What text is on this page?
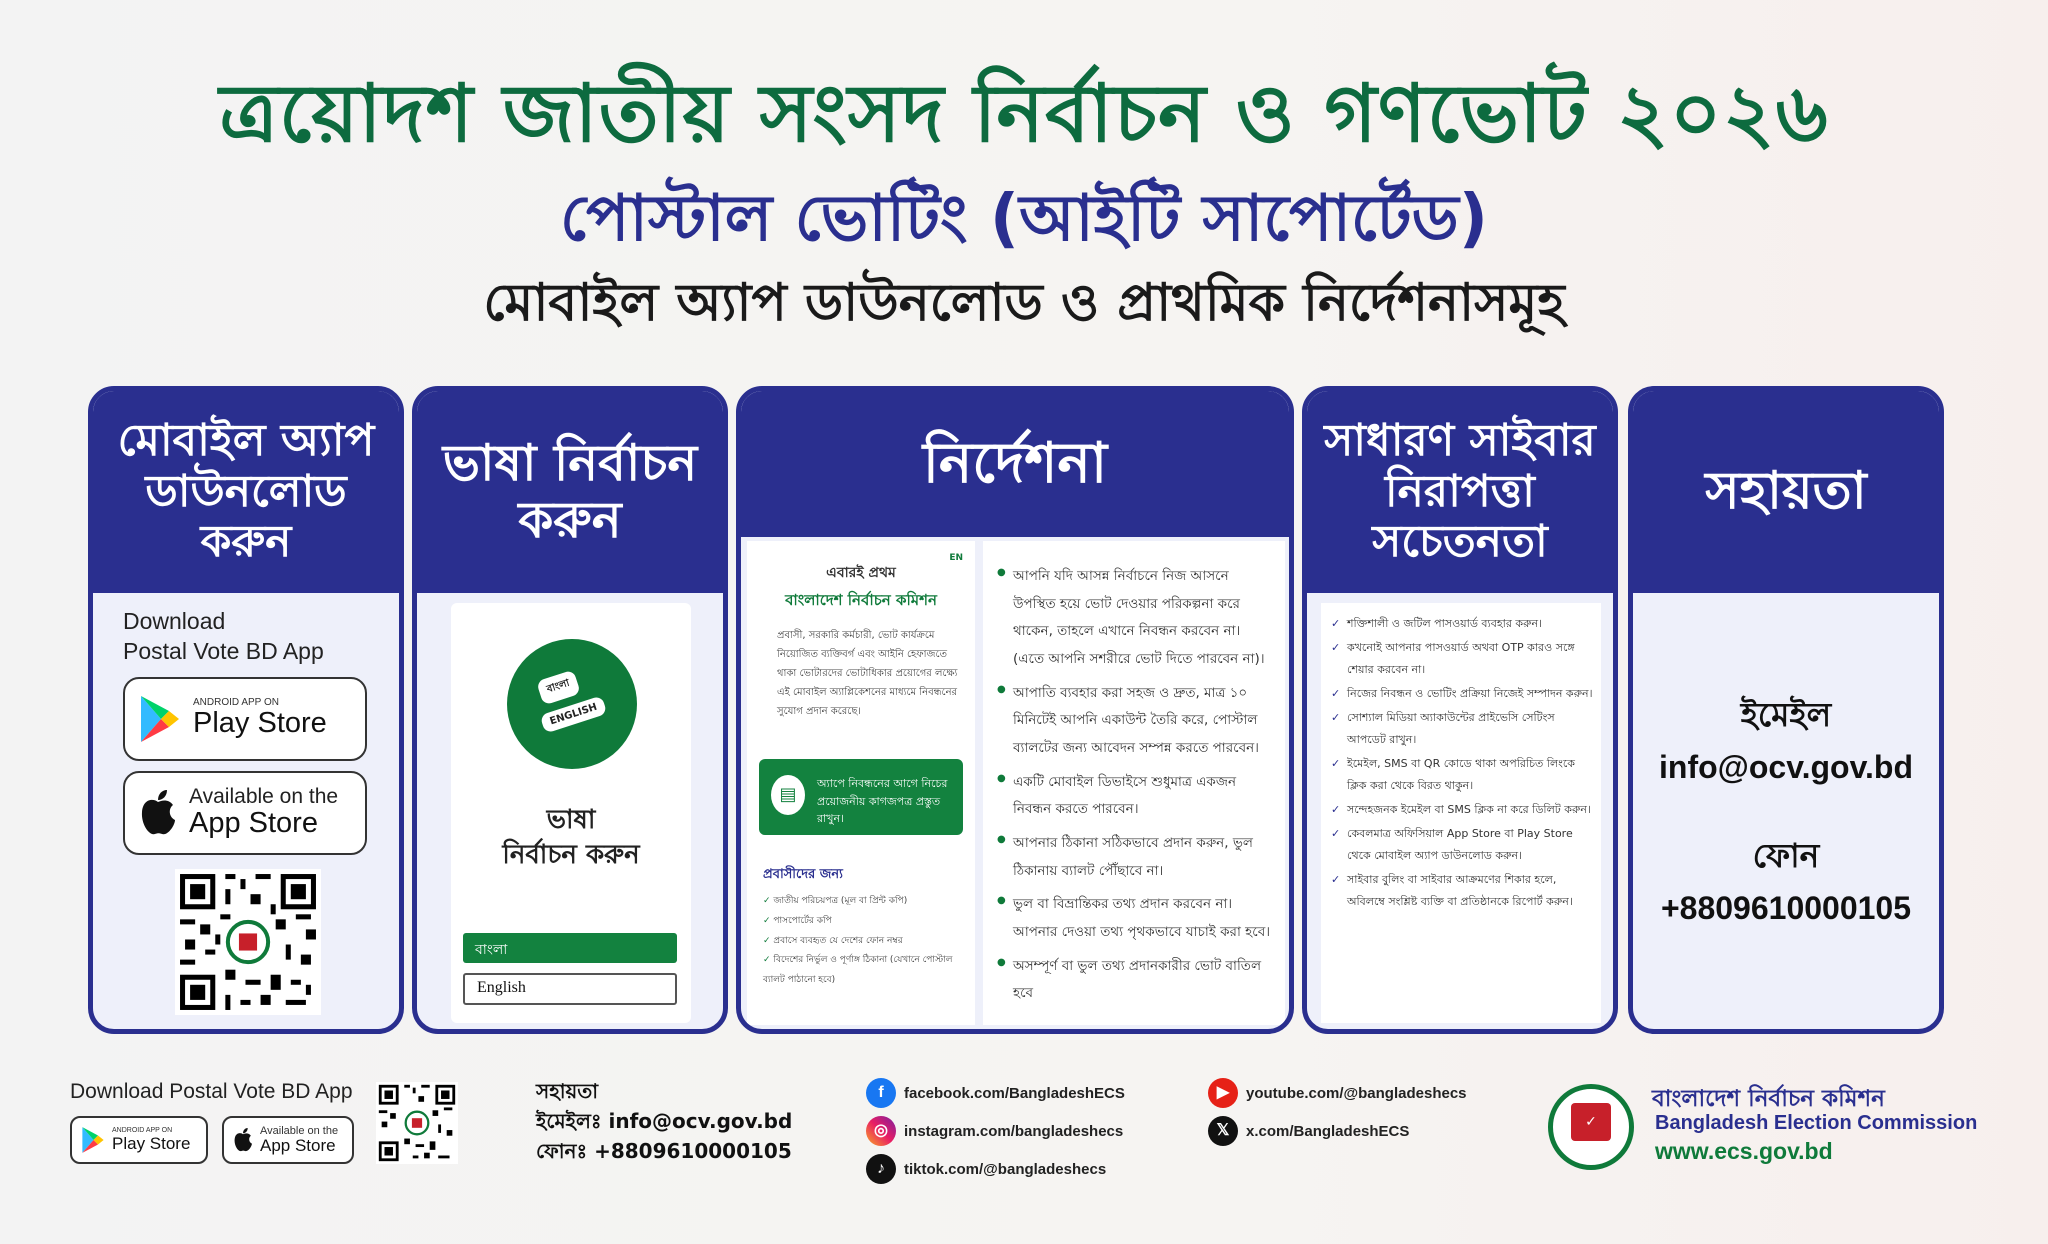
ত্রয়োদশ জাতীয় সংসদ নির্বাচন ও গণভোট ২০২৬
পোস্টাল ভোটিং (আইটি সাপোর্টেড)
মোবাইল অ্যাপ ডাউনলোড ও প্রাথমিক নির্দেশনাসমূহ
মোবাইল অ্যাপ ডাউনলোড করুন
Download
Postal Vote BD App
ANDROID APP ON
Play Store
Available on the
App Store
ভাষা নির্বাচন করুন
বাংলা
ENGLISH
ভাষা
নির্বাচন করুন
বাংলা
English
নির্দেশনা
EN
এবারই প্রথম
বাংলাদেশ নির্বাচন কমিশন
প্রবাসী, সরকারি কর্মচারী, ভোট কার্যক্রমে নিয়োজিত ব্যক্তিবর্গ এবং আইনি হেফাজতে থাকা ভোটারদের ভোটাধিকার প্রয়োগের লক্ষ্যে এই মোবাইল অ্যাপ্লিকেশনের মাধ্যমে নিবন্ধনের সুযোগ প্রদান করেছে।
▤
অ্যাপে নিবন্ধনের আগে নিচের প্রয়োজনীয় কাগজপত্র প্রস্তুত রাখুন।
প্রবাসীদের জন্য
✓ জাতীয় পরিচয়পত্র (মূল বা প্রিন্ট কপি)
✓ পাসপোর্টের কপি
✓ প্রবাসে ব্যবহৃত যে দেশের ফোন নম্বর
✓ বিদেশের নির্ভুল ও পূর্ণাঙ্গ ঠিকানা (যেখানে পোস্টাল ব্যালট পাঠানো হবে)
● আপনি যদি আসন্ন নির্বাচনে নিজ আসনে উপস্থিত হয়ে ভোট দেওয়ার পরিকল্পনা করে থাকেন, তাহলে এখানে নিবন্ধন করবেন না। (এতে আপনি সশরীরে ভোট দিতে পারবেন না)।
● আপাতি ব্যবহার করা সহজ ও দ্রুত, মাত্র ১০ মিনিটেই আপনি একাউন্ট তৈরি করে, পোস্টাল ব্যালটের জন্য আবেদন সম্পন্ন করতে পারবেন।
● একটি মোবাইল ডিভাইসে শুধুমাত্র একজন নিবন্ধন করতে পারবেন।
● আপনার ঠিকানা সঠিকভাবে প্রদান করুন, ভুল ঠিকানায় ব্যালট পৌঁছাবে না।
● ভুল বা বিভ্রান্তিকর তথ্য প্রদান করবেন না। আপনার দেওয়া তথ্য পৃথকভাবে যাচাই করা হবে।
● অসম্পূর্ণ বা ভুল তথ্য প্রদানকারীর ভোট বাতিল হবে
সাধারণ সাইবার নিরাপত্তা সচেতনতা
✓ শক্তিশালী ও জটিল পাসওয়ার্ড ব্যবহার করুন।
✓ কখনোই আপনার পাসওয়ার্ড অথবা OTP কারও সঙ্গে শেয়ার করবেন না।
✓ নিজের নিবন্ধন ও ভোটিং প্রক্রিয়া নিজেই সম্পাদন করুন।
✓ সোশ্যাল মিডিয়া অ্যাকাউন্টের প্রাইভেসি সেটিংস আপডেট রাখুন।
✓ ইমেইল, SMS বা QR কোডে থাকা অপরিচিত লিংকে ক্লিক করা থেকে বিরত থাকুন।
✓ সন্দেহজনক ইমেইল বা SMS ক্লিক না করে ডিলিট করুন।
✓ কেবলমাত্র অফিসিয়াল App Store বা Play Store থেকে মোবাইল অ্যাপ ডাউনলোড করুন।
✓ সাইবার বুলিং বা সাইবার আক্রমণের শিকার হলে, অবিলম্বে সংশ্লিষ্ট ব্যক্তি বা প্রতিষ্ঠানকে রিপোর্ট করুন।
সহায়তা
ইমেইল
info@ocv.gov.bd
ফোন
+8809610000105
Download Postal Vote BD App
ANDROID APP ON
Play Store
Available on the
App Store
সহায়তা
ইমেইলঃ info@ocv.gov.bd
ফোনঃ +8809610000105
f	facebook.com/BangladeshECS
◎	instagram.com/bangladeshecs
♪	tiktok.com/@bangladeshecs
▶	youtube.com/@bangladeshecs
𝕏	x.com/BangladeshECS
✓
বাংলাদেশ নির্বাচন কমিশন
Bangladesh Election Commission
www.ecs.gov.bd
